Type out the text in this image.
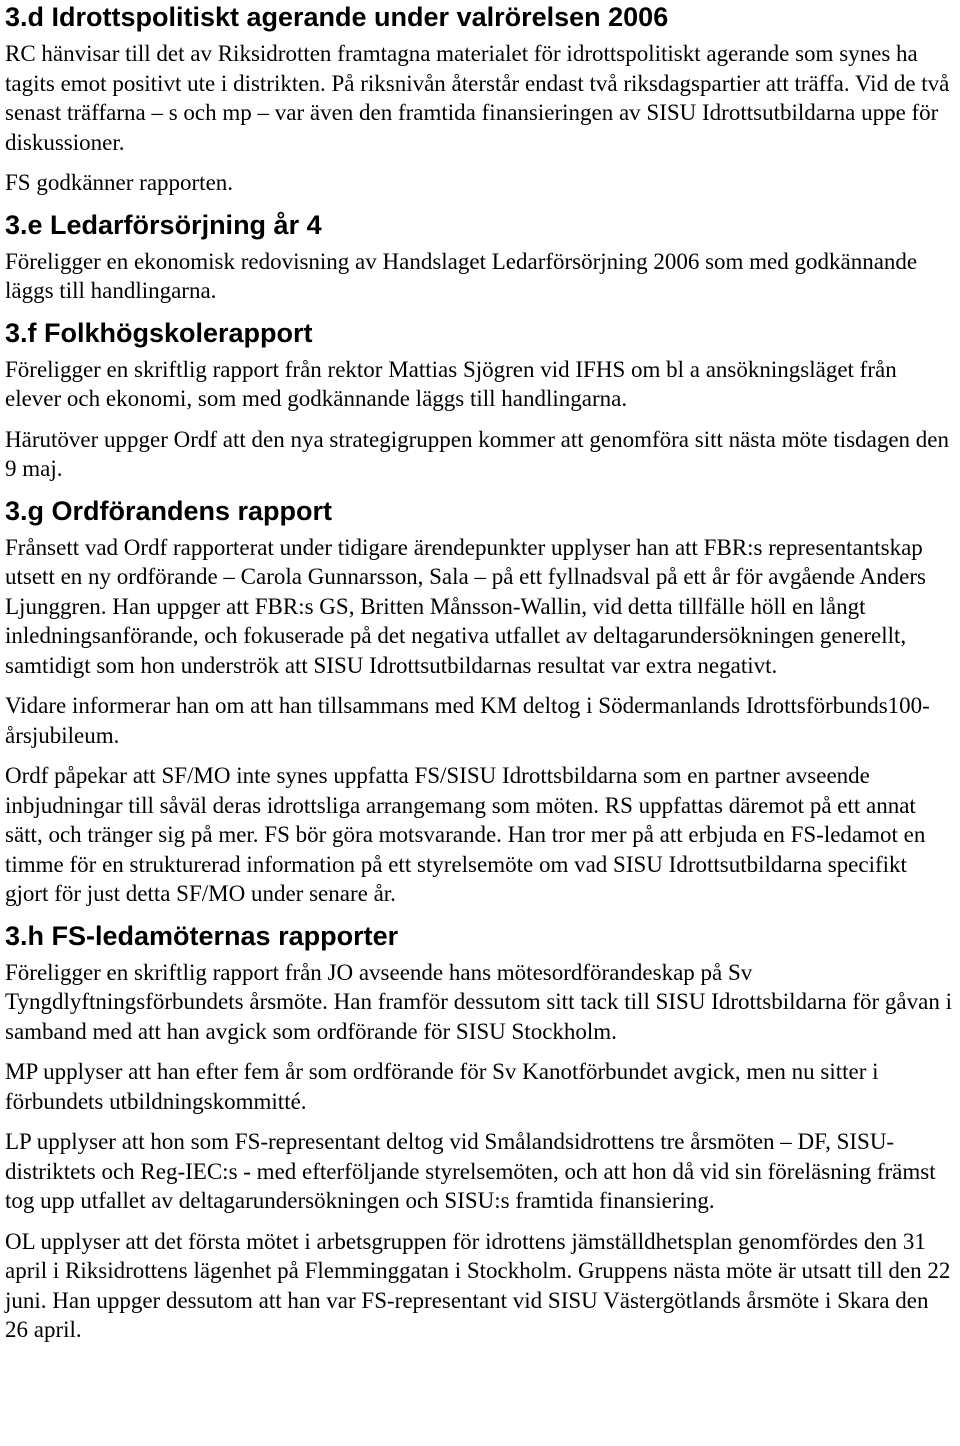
3.d Idrottspolitiskt agerande under valrörelsen 2006

RC hänvisar till det av Riksidrotten framtagna materialet för idrottspolitiskt agerande som synes ha tagits emot positivt ute i distrikten. På riksnivån återstår endast två riksdagspartier att träffa. Vid de två senast träffarna – s och mp – var även den framtida finansieringen av SISU Idrottsutbildarna uppe för diskussioner.

FS godkänner rapporten.

3.e Ledarförsörjning år 4

Föreligger en ekonomisk redovisning av Handslaget Ledarförsörjning 2006 som med godkännande läggs till handlingarna.

3.f Folkhögskolerapport

Föreligger en skriftlig rapport från rektor Mattias Sjögren vid IFHS om bl a ansökningsläget från elever och ekonomi, som med godkännande läggs till handlingarna.

Härutöver uppger Ordf att den nya strategigruppen kommer att genomföra sitt nästa möte tisdagen den 9 maj.

3.g Ordförandens rapport

Frånsett vad Ordf rapporterat under tidigare ärendepunkter upplyser han att FBR:s representantskap utsett en ny ordförande – Carola Gunnarsson, Sala – på ett fyllnadsval på ett år för avgående Anders Ljunggren. Han uppger att FBR:s GS, Britten Månsson-Wallin, vid detta tillfälle höll en långt inledningsanförande, och fokuserade på det negativa utfallet av deltagarundersökningen generellt, samtidigt som hon underströk att SISU Idrottsutbildarnas resultat var extra negativt.

Vidare informerar han om att han tillsammans med KM deltog i Södermanlands Idrottsförbunds100-årsjubileum.

Ordf påpekar att SF/MO inte synes uppfatta FS/SISU Idrottsbildarna som en partner avseende inbjudningar till såväl deras idrottsliga arrangemang som möten. RS uppfattas däremot på ett annat sätt, och tränger sig på mer. FS bör göra motsvarande. Han tror mer på att erbjuda en FS-ledamot en timme för en strukturerad information på ett styrelsemöte om vad SISU Idrottsutbildarna specifikt gjort för just detta SF/MO under senare år.

3.h FS-ledamöternas rapporter

Föreligger en skriftlig rapport från JO avseende hans mötesordförandeskap på Sv Tyngdlyftningsförbundets årsmöte. Han framför dessutom sitt tack till SISU Idrottsbildarna för gåvan i samband med att han avgick som ordförande för SISU Stockholm.

MP upplyser att han efter fem år som ordförande för Sv Kanotförbundet avgick, men nu sitter i förbundets utbildningskommitté.

LP upplyser att hon som FS-representant deltog vid Smålandsidrottens tre årsmöten – DF, SISU-distriktets och Reg-IEC:s - med efterföljande styrelsemöten, och att hon då vid sin föreläsning främst tog upp utfallet av deltagarundersökningen och SISU:s framtida finansiering.

OL upplyser att det första mötet i arbetsgruppen för idrottens jämställdhetsplan genomfördes den 31 april i Riksidrottens lägenhet på Flemminggatan i Stockholm. Gruppens nästa möte är utsatt till den 22 juni. Han uppger dessutom att han var FS-representant vid SISU Västergötlands årsmöte i Skara den 26 april.
